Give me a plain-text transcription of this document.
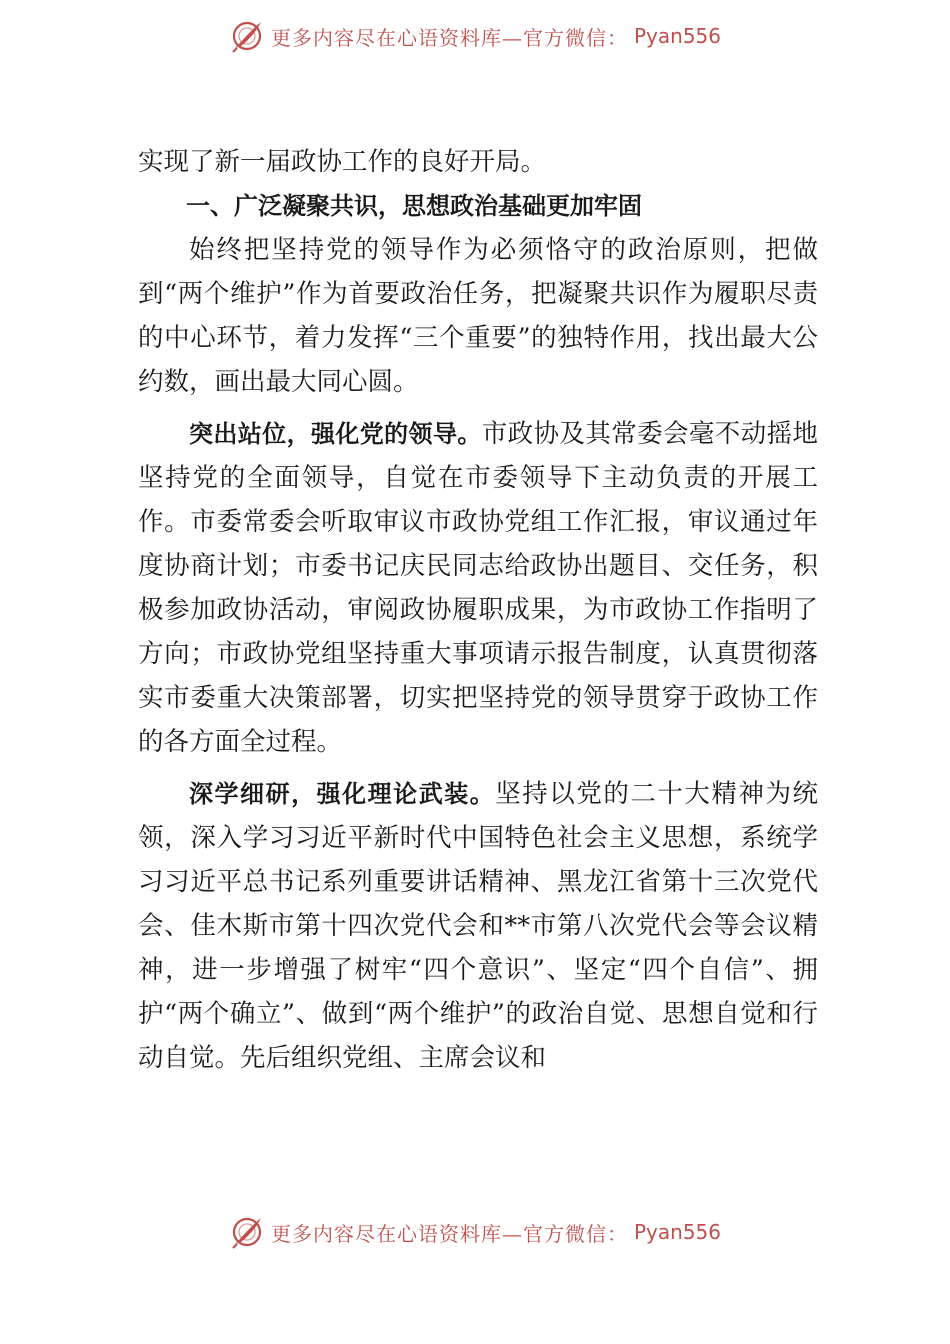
更多内容尽在心语资料库—官方微信： Pyan556

实现了新一届政协工作的良好开局。

一、广泛凝聚共识，思想政治基础更加牢固

始终把坚持党的领导作为必须恪守的政治原则，把做到“两个维护”作为首要政治任务，把凝聚共识作为履职尽责的中心环节，着力发挥“三个重要”的独特作用，找出最大公约数，画出最大同心圆。

突出站位，强化党的领导。市政协及其常委会毫不动摇地坚持党的全面领导，自觉在市委领导下主动负责的开展工作。市委常委会听取审议市政协党组工作汇报，审议通过年度协商计划；市委书记庆民同志给政协出题目、交任务，积极参加政协活动，审阅政协履职成果，为市政协工作指明了方向；市政协党组坚持重大事项请示报告制度，认真贯彻落实市委重大决策部署，切实把坚持党的领导贯穿于政协工作的各方面全过程。

深学细研，强化理论武装。坚持以党的二十大精神为统领，深入学习习近平新时代中国特色社会主义思想，系统学习习近平总书记系列重要讲话精神、黑龙江省第十三次党代会、佳木斯市第十四次党代会和**市第八次党代会等会议精神，进一步增强了树牢“四个意识”、坚定“四个自信”、拥护“两个确立”、做到“两个维护”的政治自觉、思想自觉和行动自觉。先后组织党组、主席会议和

更多内容尽在心语资料库—官方微信： Pyan556
